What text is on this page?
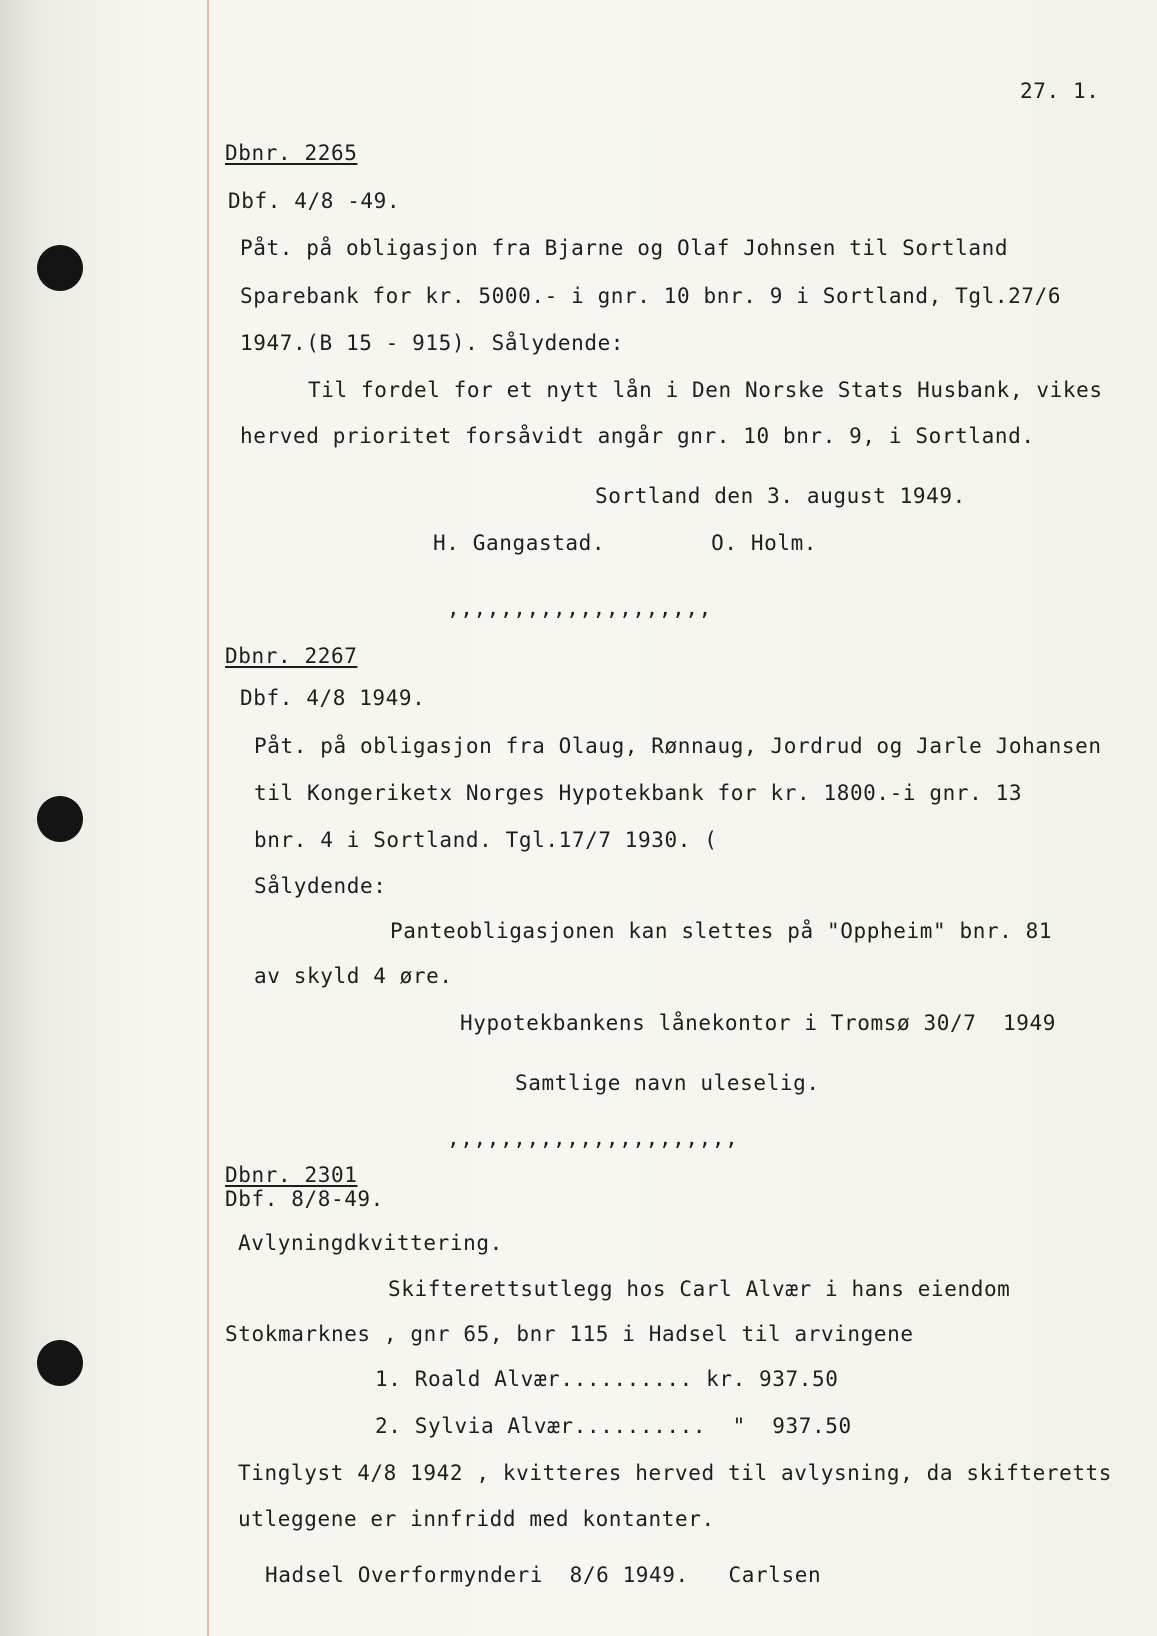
27. 1.
Dbnr. 2265
Dbf. 4/8 -49.
Påt. på obligasjon fra Bjarne og Olaf Johnsen til Sortland
Sparebank for kr. 5000.- i gnr. 10 bnr. 9 i Sortland, Tgl.27/6
1947.(B 15 - 915). Sålydende:
Til fordel for et nytt lån i Den Norske Stats Husbank, vikes
herved prioritet forsåvidt angår gnr. 10 bnr. 9, i Sortland.
Sortland den 3. august 1949.
H. Gangastad.        O. Holm.
,,,,,,,,,,,,,,,,,,,,
Dbnr. 2267
Dbf. 4/8 1949.
Påt. på obligasjon fra Olaug, Rønnaug, Jordrud og Jarle Johansen
til Kongeriketx Norges Hypotekbank for kr. 1800.-i gnr. 13
bnr. 4 i Sortland. Tgl.17/7 1930. (
Sålydende:
Panteobligasjonen kan slettes på "Oppheim" bnr. 81
av skyld 4 øre.
Hypotekbankens lånekontor i Tromsø 30/7  1949
Samtlige navn uleselig.
,,,,,,,,,,,,,,,,,,,,,,
Dbnr. 2301
Dbf. 8/8-49.
Avlyningdkvittering.
Skifterettsutlegg hos Carl Alvær i hans eiendom
Stokmarknes , gnr 65, bnr 115 i Hadsel til arvingene
1. Roald Alvær.......... kr. 937.50
2. Sylvia Alvær..........  "  937.50
Tinglyst 4/8 1942 , kvitteres herved til avlysning, da skifteretts
utleggene er innfridd med kontanter.
Hadsel Overformynderi  8/6 1949.   Carlsen
